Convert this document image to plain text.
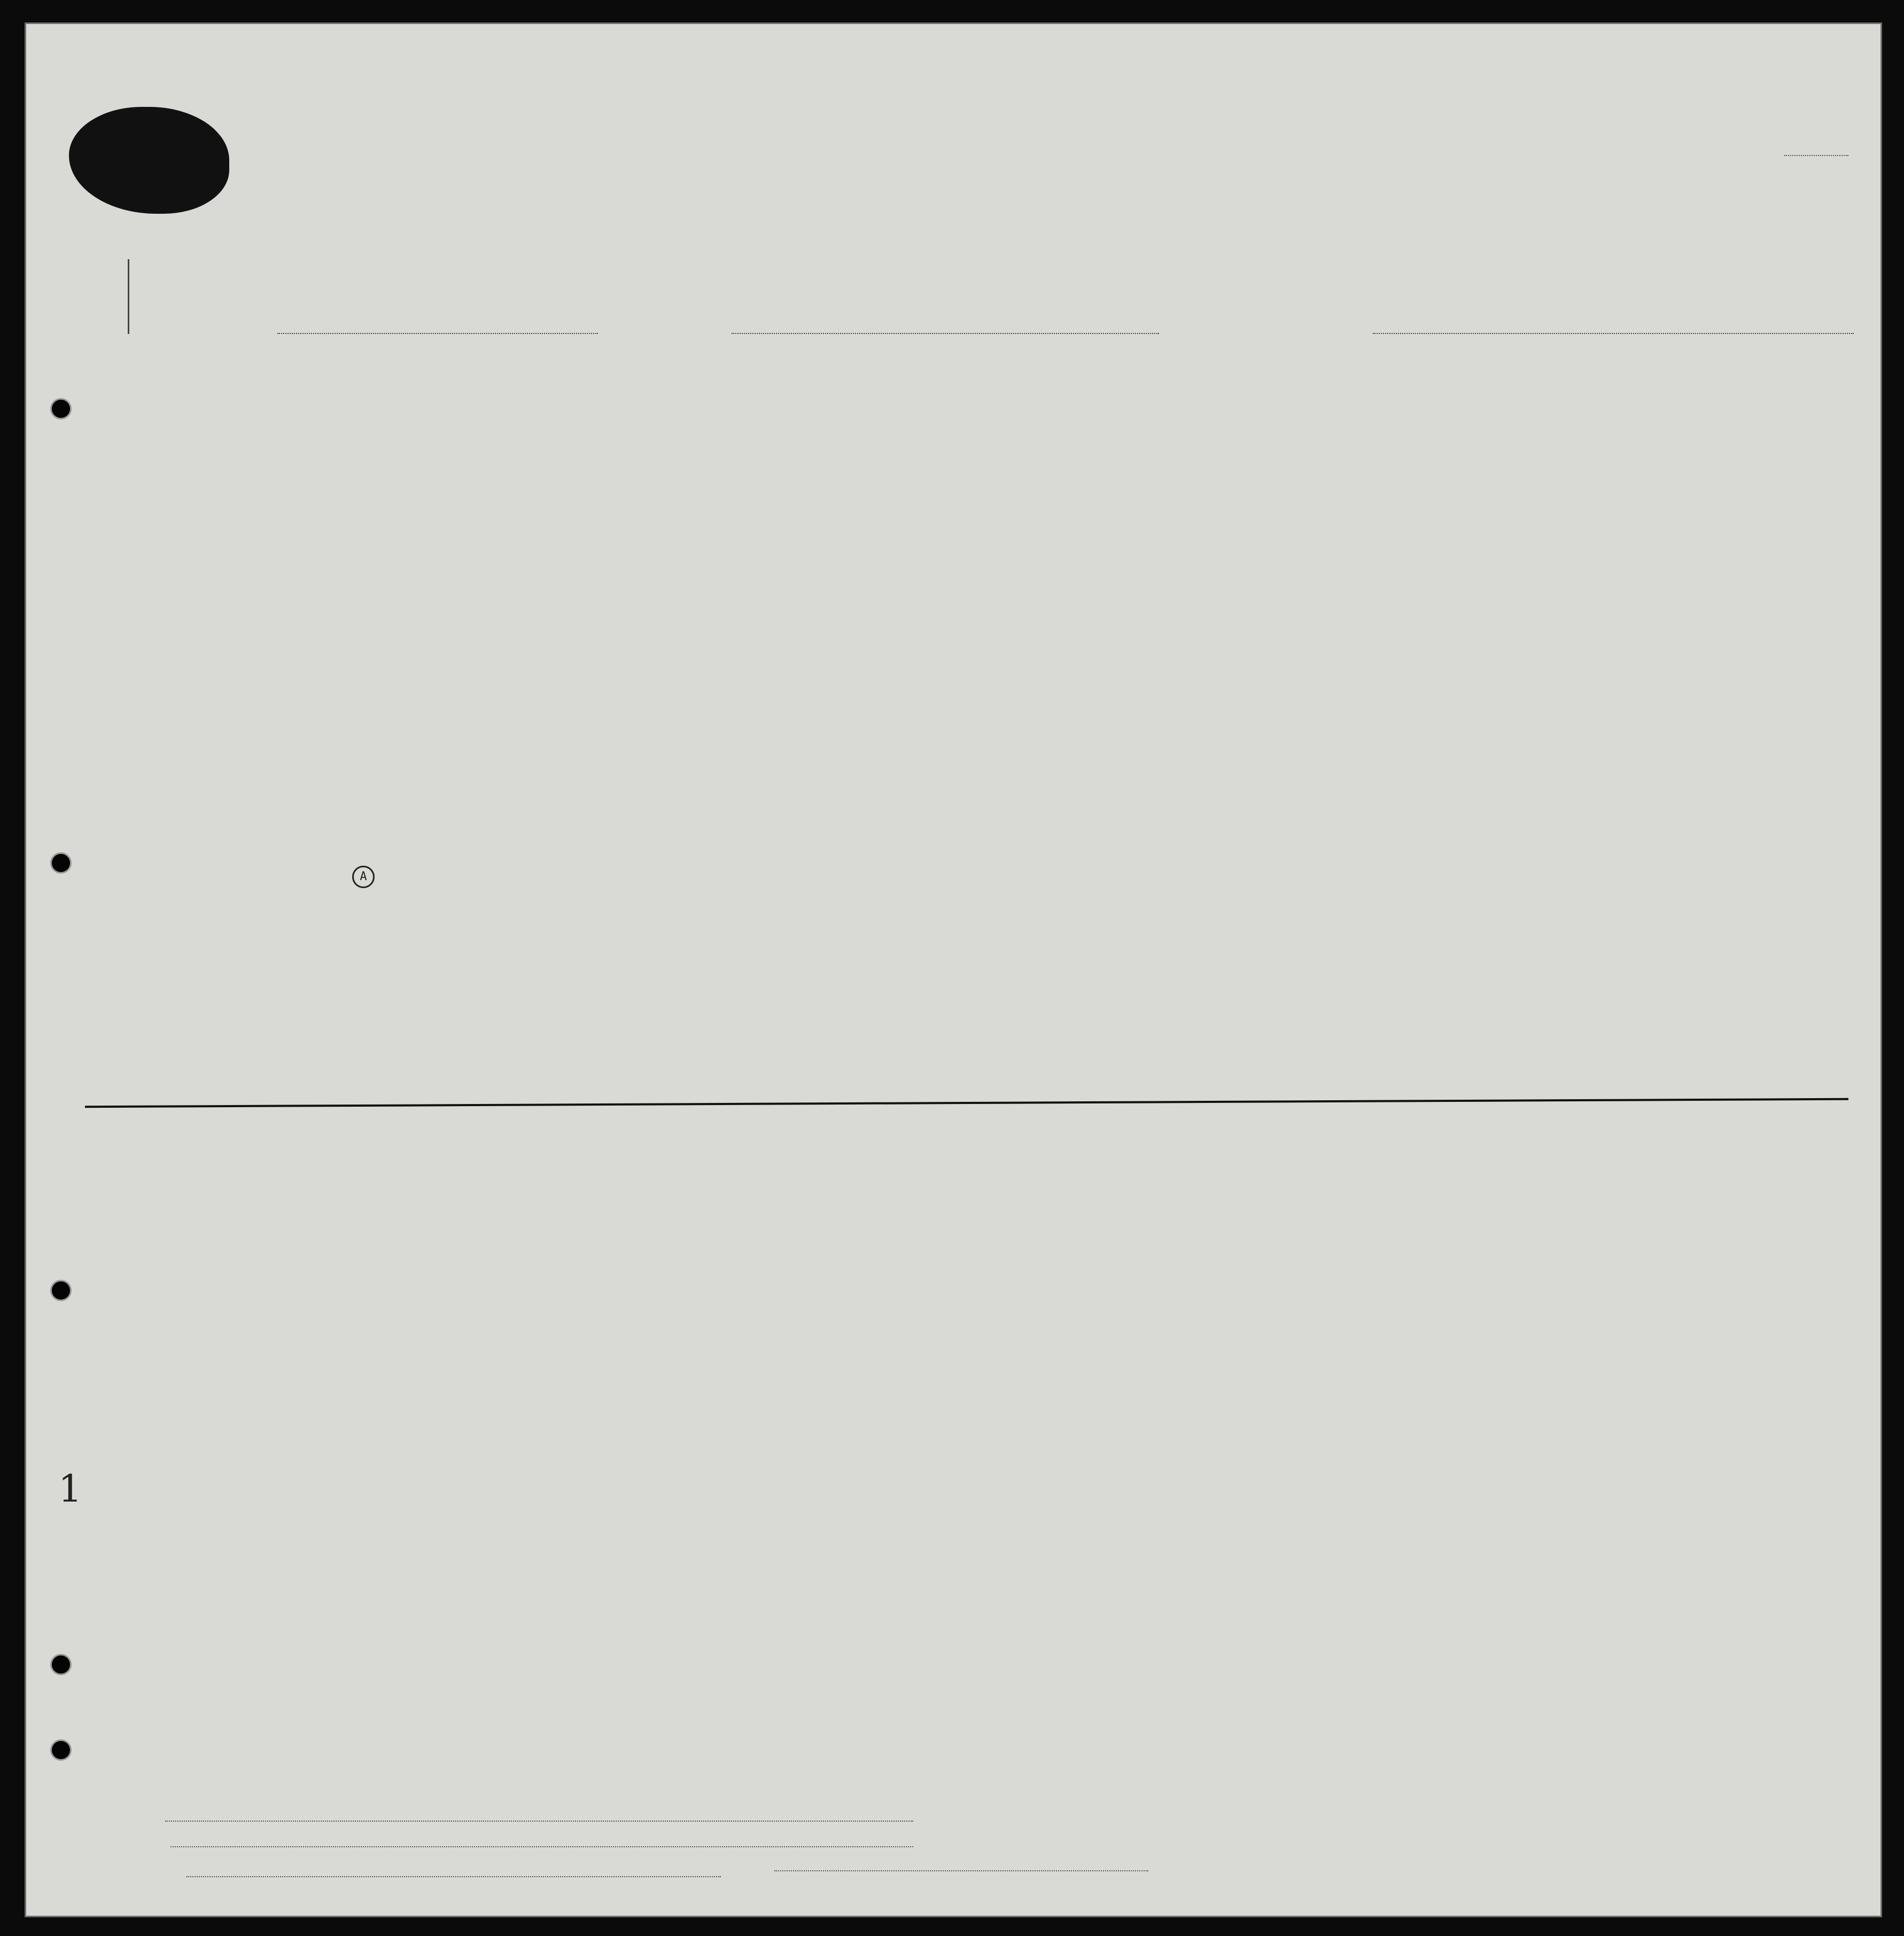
1
A
